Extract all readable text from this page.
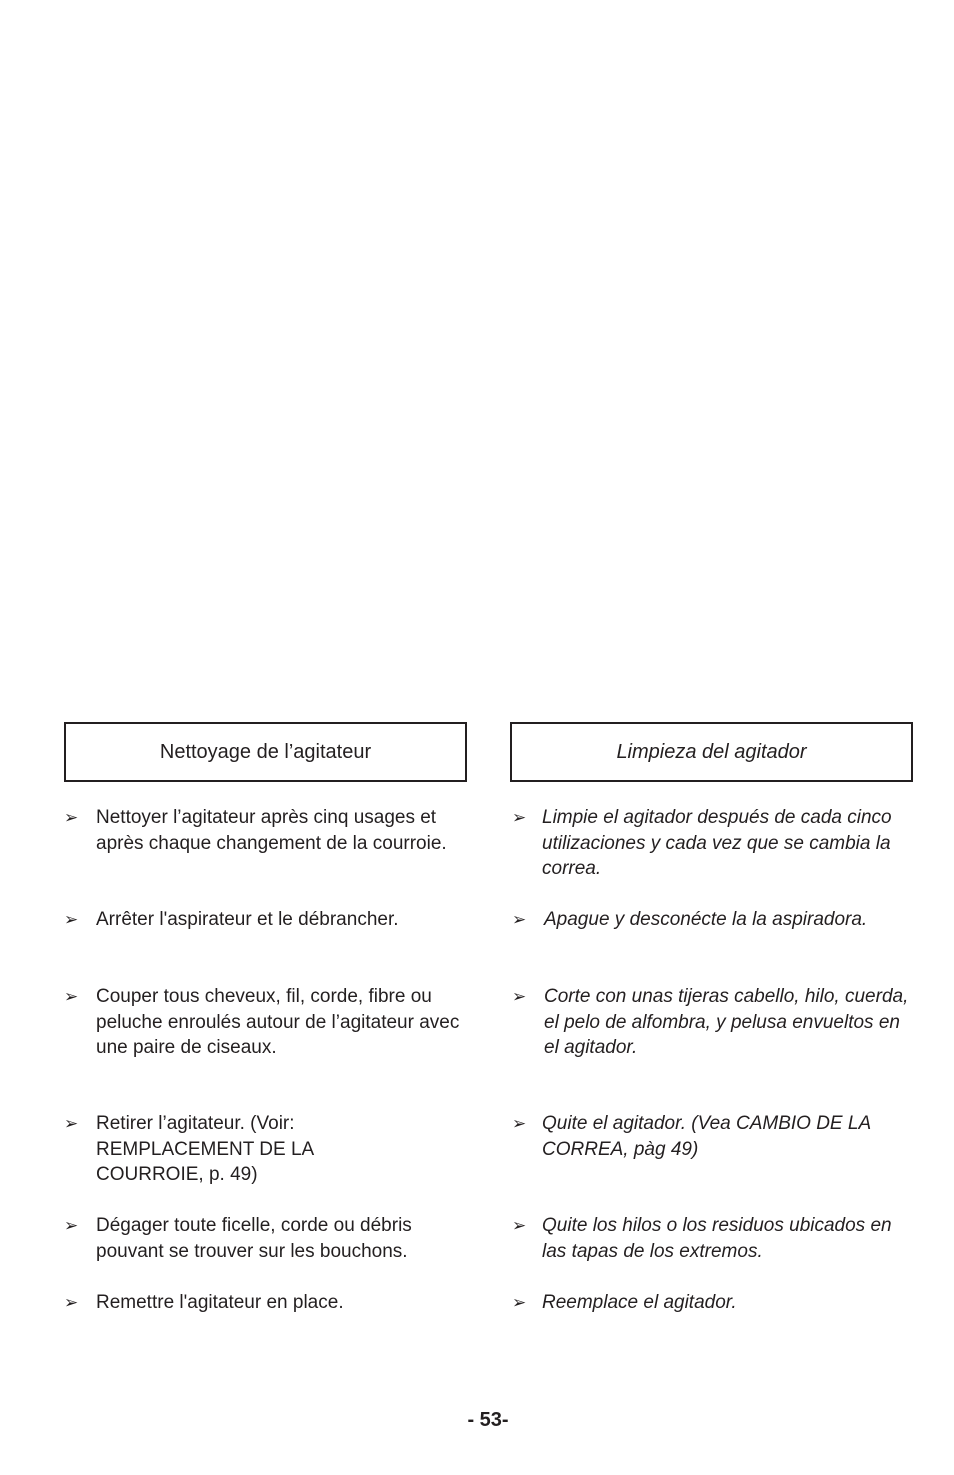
Nettoyage de l’agitateur
➢ Nettoyer l’agitateur après cinq usages et après chaque changement de la courroie.
➢ Arrêter l'aspirateur et le débrancher.
➢ Couper tous cheveux, fil, corde, fibre ou peluche enroulés autour de l’agitateur avec une paire de ciseaux.
➢ Retirer l’agitateur. (Voir: REMPLACEMENT DE LA COURROIE, p. 49)
➢ Dégager toute ficelle, corde ou débris pouvant se trouver sur les bouchons.
➢ Remettre l'agitateur en place.
Limpieza del agitador
➢ Limpie el agitador después de cada cinco utilizaciones y cada vez que se cambia la correa.
➢ Apague y desconécte la la aspiradora.
➢ Corte con unas tijeras cabello, hilo, cuerda, el pelo de alfombra, y pelusa envueltos en el agitador.
➢ Quite el agitador. (Vea CAMBIO DE LA CORREA, pàg 49)
➢ Quite los hilos o los residuos ubicados en las tapas de los extremos.
➢ Reemplace el agitador.
- 53-
